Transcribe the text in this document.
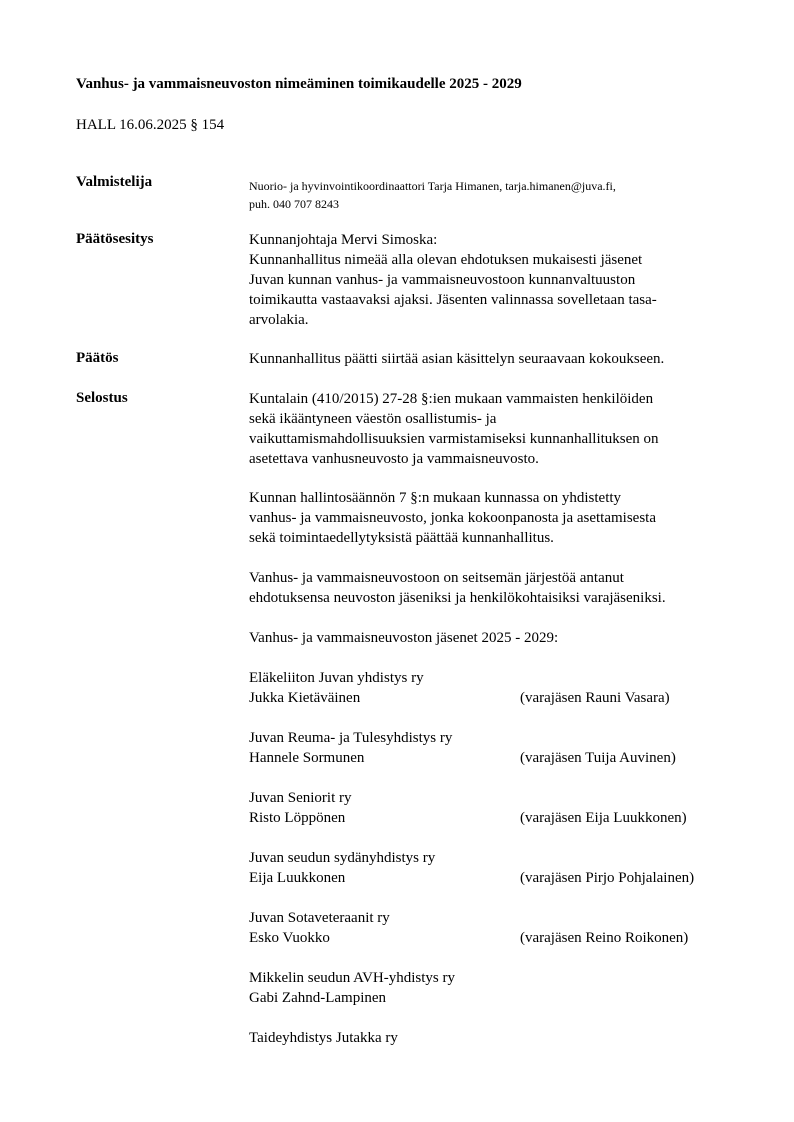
Vanhus- ja vammaisneuvoston nimeäminen toimikaudelle 2025 - 2029
HALL 16.06.2025 § 154
Valmistelija	Nuorio- ja hyvinvointikoordinaattori Tarja Himanen, tarja.himanen@juva.fi,
puh. 040 707 8243
Päätösesitys	Kunnanjohtaja Mervi Simoska:
Kunnanhallitus nimeää alla olevan ehdotuksen mukaisesti jäsenet
Juvan kunnan vanhus- ja vammaisneuvostoon kunnanvaltuuston
toimikautta vastaavaksi ajaksi. Jäsenten valinnassa sovelletaan tasa-
arvolakia.
Päätös	Kunnanhallitus päätti siirtää asian käsittelyn seuraavaan kokoukseen.
Selostus	Kuntalain (410/2015) 27-28 §:ien mukaan vammaisten henkilöiden
sekä ikääntyneen väestön osallistumis- ja
vaikuttamismahdollisuuksien varmistamiseksi kunnanhallituksen on
asetettava vanhusneuvosto ja vammaisneuvosto.
Kunnan hallintosäännön 7 §:n mukaan kunnassa on yhdistetty
vanhus- ja vammaisneuvosto, jonka kokoonpanosta ja asettamisesta
sekä toimintaedellytyksistä päättää kunnanhallitus.
Vanhus- ja vammaisneuvostoon on seitsemän järjestöä antanut
ehdotuksensa neuvoston jäseniksi ja henkilökohtaisiksi varajäseniksi.
Vanhus- ja vammaisneuvoston jäsenet 2025 - 2029:
Eläkeliiton Juvan yhdistys ry
Jukka Kietäväinen	(varajäsen Rauni Vasara)
Juvan Reuma- ja Tulesyhdistys ry
Hannele Sormunen	(varajäsen Tuija Auvinen)
Juvan Seniorit ry
Risto Löppönen	(varajäsen Eija Luukkonen)
Juvan seudun sydänyhdistys ry
Eija Luukkonen	(varajäsen Pirjo Pohjalainen)
Juvan Sotaveteraanit ry
Esko Vuokko	(varajäsen Reino Roikonen)
Mikkelin seudun AVH-yhdistys ry
Gabi Zahnd-Lampinen
Taideyhdistys Jutakka ry
